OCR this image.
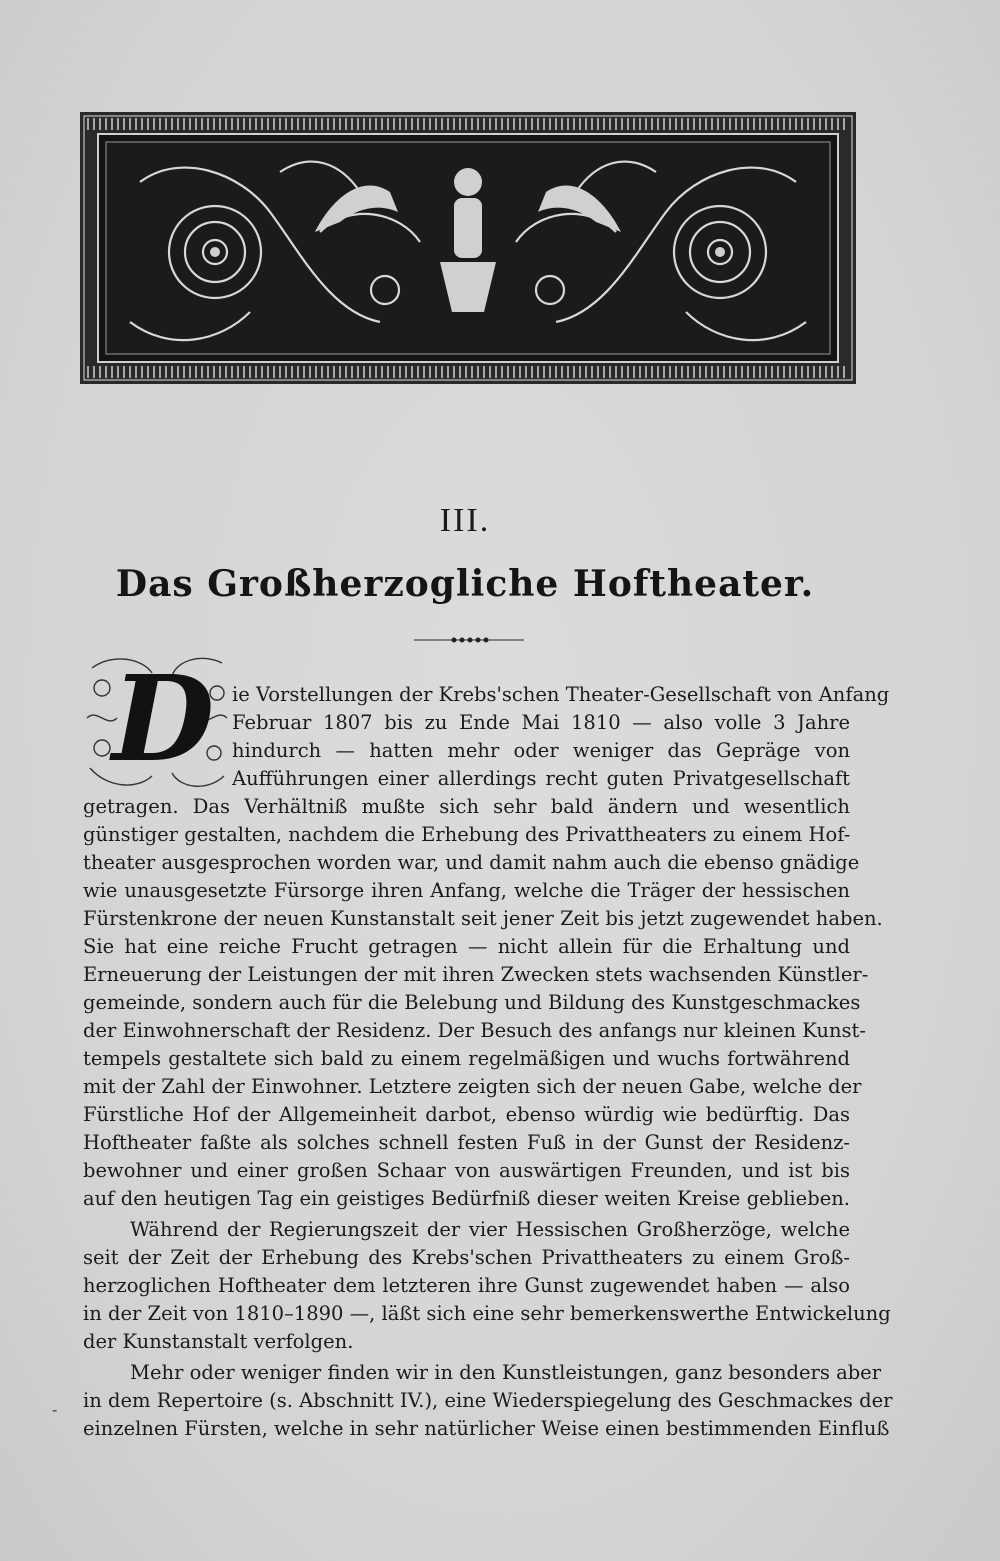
III.
Das Großherzogliche Hoftheater.
D ie Vorstellungen der Krebs'schen Theater-Gesellschaft von Anfang
Februar 1807 bis zu Ende Mai 1810 — also volle 3 Jahre
hindurch — hatten mehr oder weniger das Gepräge von
Aufführungen einer allerdings recht guten Privatgesellschaft
getragen. Das Verhältniß mußte sich sehr bald ändern und wesentlich
günstiger gestalten, nachdem die Erhebung des Privattheaters zu einem Hof-
theater ausgesprochen worden war, und damit nahm auch die ebenso gnädige
wie unausgesetzte Fürsorge ihren Anfang, welche die Träger der hessischen
Fürstenkrone der neuen Kunstanstalt seit jener Zeit bis jetzt zugewendet haben.
Sie hat eine reiche Frucht getragen — nicht allein für die Erhaltung und
Erneuerung der Leistungen der mit ihren Zwecken stets wachsenden Künstler-
gemeinde, sondern auch für die Belebung und Bildung des Kunstgeschmackes
der Einwohnerschaft der Residenz. Der Besuch des anfangs nur kleinen Kunst-
tempels gestaltete sich bald zu einem regelmäßigen und wuchs fortwährend
mit der Zahl der Einwohner. Letztere zeigten sich der neuen Gabe, welche der
Fürstliche Hof der Allgemeinheit darbot, ebenso würdig wie bedürftig. Das
Hoftheater faßte als solches schnell festen Fuß in der Gunst der Residenz-
bewohner und einer großen Schaar von auswärtigen Freunden, und ist bis
auf den heutigen Tag ein geistiges Bedürfniß dieser weiten Kreise geblieben.
Während der Regierungszeit der vier Hessischen Großherzöge, welche
seit der Zeit der Erhebung des Krebs'schen Privattheaters zu einem Groß-
herzoglichen Hoftheater dem letzteren ihre Gunst zugewendet haben — also
in der Zeit von 1810–1890 —, läßt sich eine sehr bemerkenswerthe Entwickelung
der Kunstanstalt verfolgen.
Mehr oder weniger finden wir in den Kunstleistungen, ganz besonders aber
in dem Repertoire (s. Abschnitt IV.), eine Wiederspiegelung des Geschmackes der
einzelnen Fürsten, welche in sehr natürlicher Weise einen bestimmenden Einfluß
-
